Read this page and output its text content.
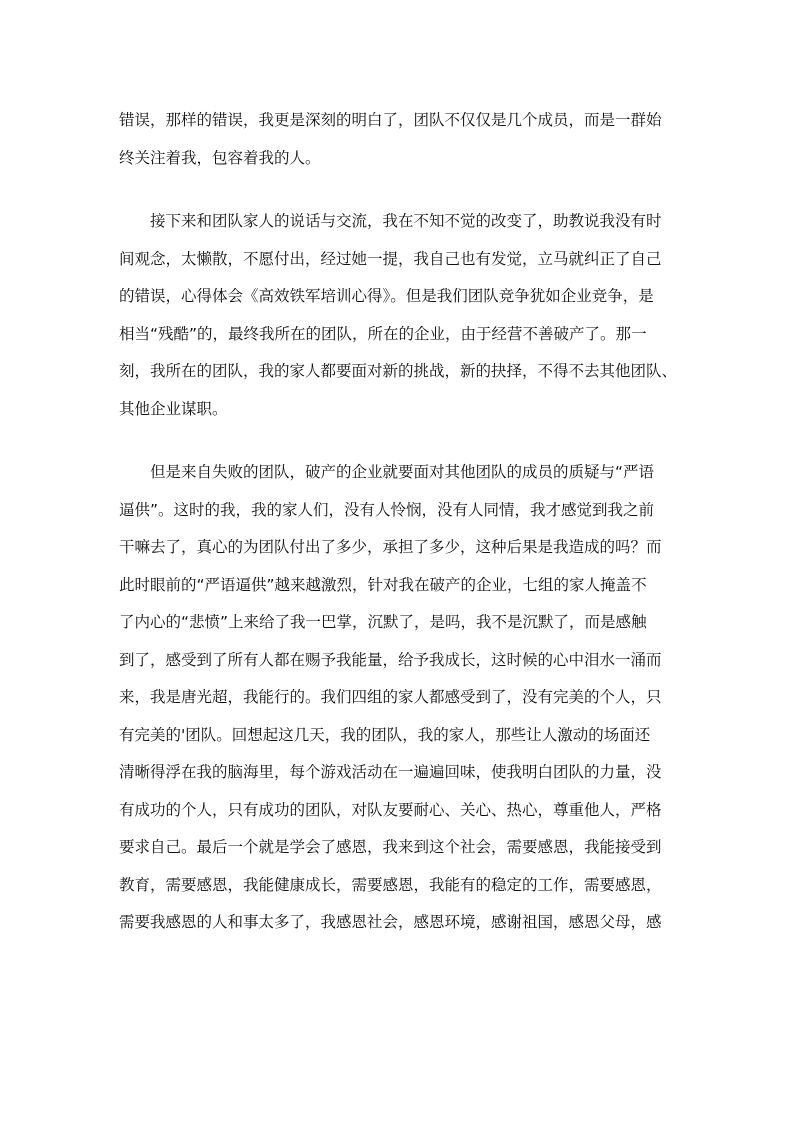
错误，那样的错误，我更是深刻的明白了，团队不仅仅是几个成员，而是一群始
终关注着我，包容着我的人。
　　接下来和团队家人的说话与交流，我在不知不觉的改变了，助教说我没有时
间观念，太懒散，不愿付出，经过她一提，我自己也有发觉，立马就纠正了自己
的错误，心得体会《高效铁军培训心得》。但是我们团队竞争犹如企业竞争，是
相当“残酷”的，最终我所在的团队，所在的企业，由于经营不善破产了。那一
刻，我所在的团队，我的家人都要面对新的挑战，新的抉择，不得不去其他团队、
其他企业谋职。
　　但是来自失败的团队，破产的企业就要面对其他团队的成员的质疑与“严语
逼供”。这时的我，我的家人们，没有人怜悯，没有人同情，我才感觉到我之前
干嘛去了，真心的为团队付出了多少，承担了多少，这种后果是我造成的吗？而
此时眼前的“严语逼供”越来越激烈，针对我在破产的企业，七组的家人掩盖不
了内心的“悲愤”上来给了我一巴掌，沉默了，是吗，我不是沉默了，而是感触
到了，感受到了所有人都在赐予我能量，给予我成长，这时候的心中泪水一涌而
来，我是唐光超，我能行的。我们四组的家人都感受到了，没有完美的个人，只
有完美的'团队。回想起这几天，我的团队，我的家人，那些让人激动的场面还
清晰得浮在我的脑海里，每个游戏活动在一遍遍回味，使我明白团队的力量，没
有成功的个人，只有成功的团队，对队友要耐心、关心、热心，尊重他人，严格
要求自己。最后一个就是学会了感恩，我来到这个社会，需要感恩，我能接受到
教育，需要感恩，我能健康成长，需要感恩，我能有的稳定的工作，需要感恩，
需要我感恩的人和事太多了，我感恩社会，感恩环境，感谢祖国，感恩父母，感
